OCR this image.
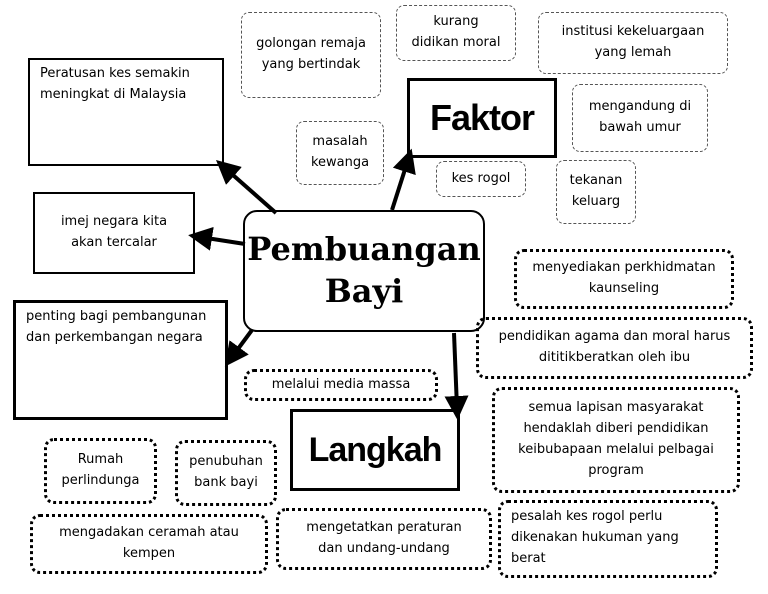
Pembuangan
Bayi
Faktor
Langkah
Peratusan kes semakin meningkat di Malaysia
imej negara kita akan tercalar
penting bagi pembangunan dan perkembangan negara
golongan remaja yang bertindak
kurang didikan moral
institusi kekeluargaan yang lemah
masalah kewanga
mengandung di bawah umur
kes rogol	tekanan keluarg
menyediakan perkhidmatan kaunseling
pendidikan agama dan moral harus dititikberatkan oleh ibu
melalui media massa
semua lapisan masyarakat hendaklah diberi pendidikan keibubapaan melalui pelbagai program
Rumah perlindunga
penubuhan bank bayi
mengadakan ceramah atau kempen
mengetatkan peraturan dan undang-undang
pesalah kes rogol perlu dikenakan hukuman yang berat
